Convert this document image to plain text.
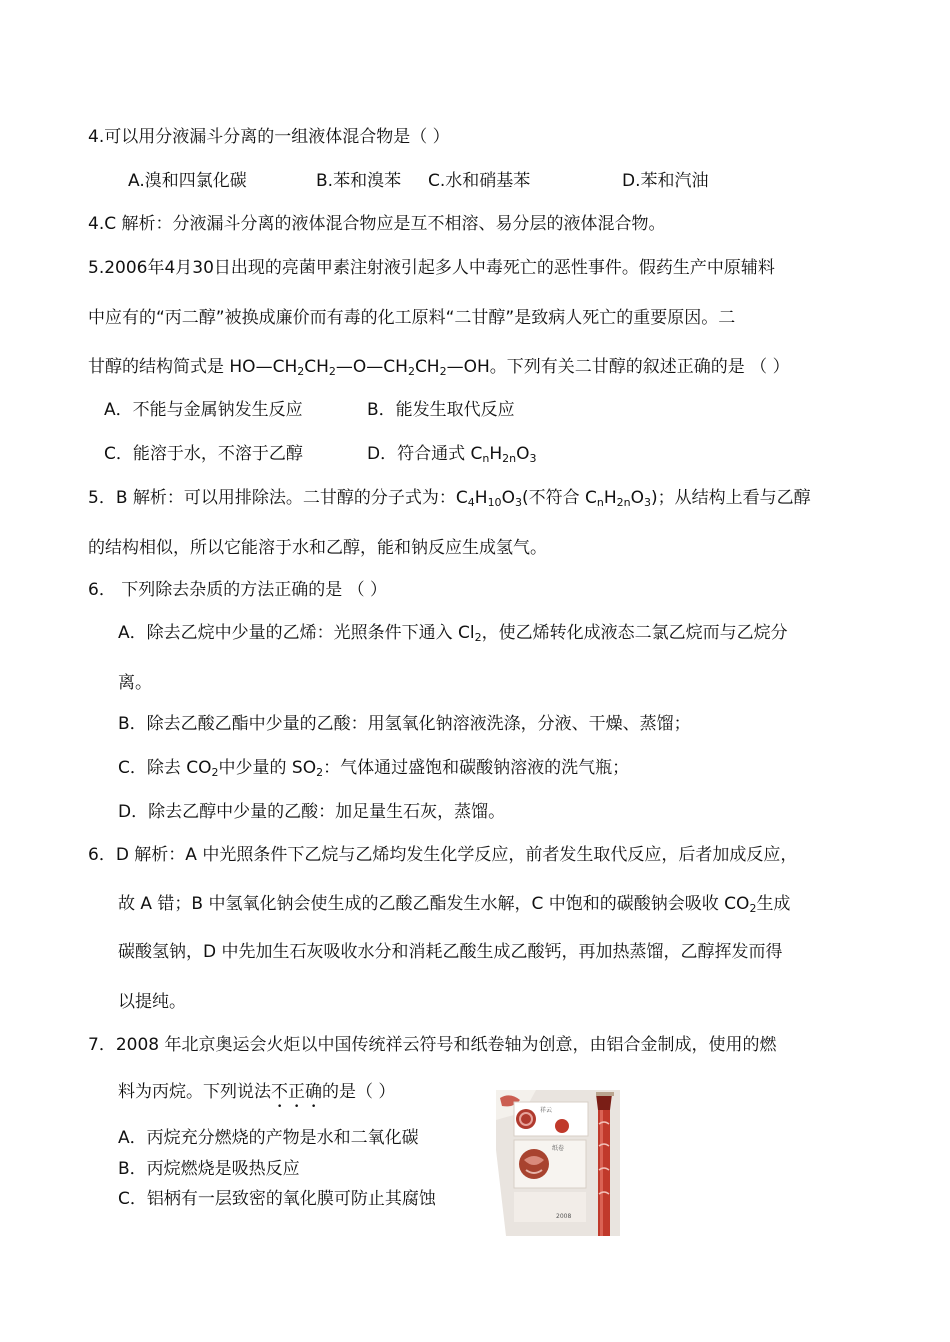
4.可以用分液漏斗分离的一组液体混合物是（ ）
A.溴和四氯化碳	B.苯和溴苯 C.水和硝基苯	D.苯和汽油
4.C 解析：分液漏斗分离的液体混合物应是互不相溶、易分层的液体混合物。
5.2006年4月30日出现的亮菌甲素注射液引起多人中毒死亡的恶性事件。假药生产中原辅料
中应有的“丙二醇”被换成廉价而有毒的化工原料“二甘醇”是致病人死亡的重要原因。二
甘醇的结构简式是 $HO—CH_2CH_2—O—CH_2CH_2—OH$。下列有关二甘醇的叙述正确的是 （ ）
A．不能与金属钠发生反应	B．能发生取代反应
C．能溶于水，不溶于乙醇	D．符合通式 $C_nH_{2n}O_3$
5．B 解析：可以用排除法。二甘醇的分子式为：$C_4H_{10}O_3$(不符合 $C_nH_{2n}O_3$)；从结构上看与乙醇
的结构相似，所以它能溶于水和乙醇，能和钠反应生成氢气。
6． 下列除去杂质的方法正确的是 （ ）
A．除去乙烷中少量的乙烯：光照条件下通入 $Cl_2$，使乙烯转化成液态二氯乙烷而与乙烷分
离。
B．除去乙酸乙酯中少量的乙酸：用氢氧化钠溶液洗涤，分液、干燥、蒸馏；
C．除去 $CO_2$中少量的 $SO_2$：气体通过盛饱和碳酸钠溶液的洗气瓶；
D．除去乙醇中少量的乙酸：加足量生石灰，蒸馏。
6．D 解析：A 中光照条件下乙烷与乙烯均发生化学反应，前者发生取代反应，后者加成反应，
故 A 错；B 中氢氧化钠会使生成的乙酸乙酯发生水解，C 中饱和的碳酸钠会吸收 $CO_2$生成
碳酸氢钠，D 中先加生石灰吸收水分和消耗乙酸生成乙酸钙，再加热蒸馏，乙醇挥发而得
以提纯。
7．2008 年北京奥运会火炬以中国传统祥云符号和纸卷轴为创意，由铝合金制成，使用的燃
料为丙烷。下列说法不正确的是（ ）
A．丙烷充分燃烧的产物是水和二氧化碳
B．丙烷燃烧是吸热反应
C．铝柄有一层致密的氧化膜可防止其腐蚀
祥云
纸卷
2008
